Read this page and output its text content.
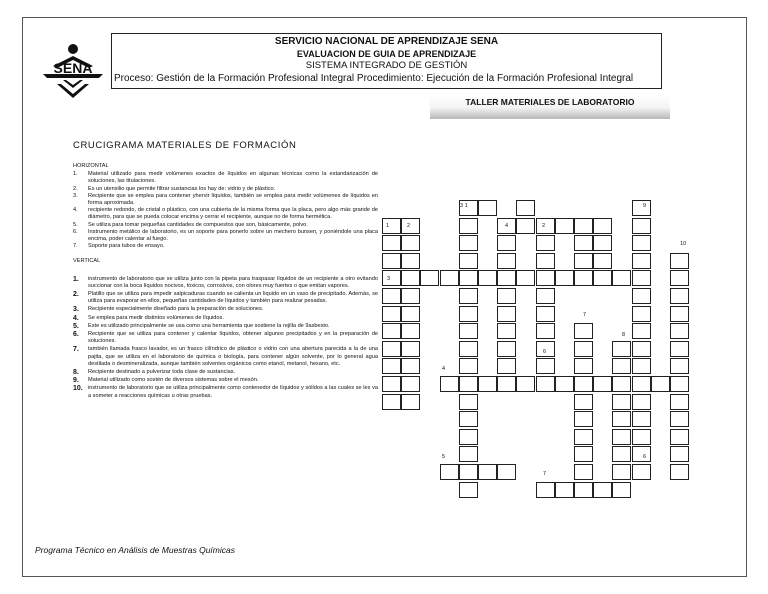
SENA
SERVICIO NACIONAL DE APRENDIZAJE SENA
EVALUACION DE GUIA DE APRENDIZAJE
SISTEMA INTEGRADO DE GESTIÓN
Proceso: Gestión de la Formación Profesional Integral Procedimiento: Ejecución de la Formación Profesional Integral
TALLER MATERIALES DE LABORATORIO
CRUCIGRAMA MATERIALES DE FORMACIÓN
HORIZONTAL
1.	Material utilizado para medir volúmenes exactos de líquidos en algunas técnicas como la estandarización de soluciones, las titulaciones.
2.	Es un utensilio que permite filtrar sustancias los hay de: vidrio y de plástico.
3.	Recipiente que se emplea para contener yhervir líquidos, también se emplea para medir volúmenes de líquidos en forma aproximada.
4.	recipiente redondo, de cristal o plástico, con una cubierta de la misma forma que la placa, pero algo más grande de diámetro, para que se pueda colocar encima y cerrar el recipiente, aunque no de forma hermética.
5.	Se utiliza para tomar pequeñas cantidades de compuestos que son, básicamente, polvo.
6.	Instrumento metálico de laboratorio, es un soporte para ponerlo sobre un mechero bunsen, y poniéndole una placa encima, poder calentar al fuego.
7.	Soporte para tubos de ensayo.
VERTICAL
1.	instrumento de laboratorio que se utiliza junto con la pipeta para traspasar líquidos de un recipiente a otro evitando succionar con la boca líquidos nocivos, tóxicos, corrosivos, con olores muy fuertes o que emitan vapores.
2.	Platillo que se utiliza para impedir salpicaduras cuando se calienta un liquido en un vaso de precipitado. Además, se utiliza para evaporar en ellos, pequeñas cantidades de líquidos y también para realizar pesadas.
3.	Recipiente especialmente diseñado para la preparación de soluciones.
4.	Se emplea para medir distintos volúmenes de líquidos.
5.	Este es utilizado principalmente se usa como una herramienta que sostiene la rejilla de 9asbesto.
6.	Recipiente que se utiliza para contener y calentar líquidos, obtener algunos precipitados y en la preparación de soluciones.
7.	también llamada frasco lavador, es un frasco cilíndrico de plástico o vidrio con una abertura parecida a la de una pajita, que se utiliza en el laboratorio de química o biología, para contener algún solvente, por lo general agua destilada o desmineralizada, aunque también solventes orgánicos como etanol, metanol, hexano, etc.
8.	Recipiente destinado a pulverizar toda clase de sustancias.
9.	Material utilizado como sostén de diversos sistemas sobre el mesón.
10. instrumento de laboratorio que se utiliza principalmente como contenedor de líquidos y sólidos a las cuales se les va a someter a reacciones químicas u otras pruebas.
3 1	9
1	2	4	2
10
3
7
8
6
4
5	6
7
Programa Técnico en Análisis de Muestras Químicas
